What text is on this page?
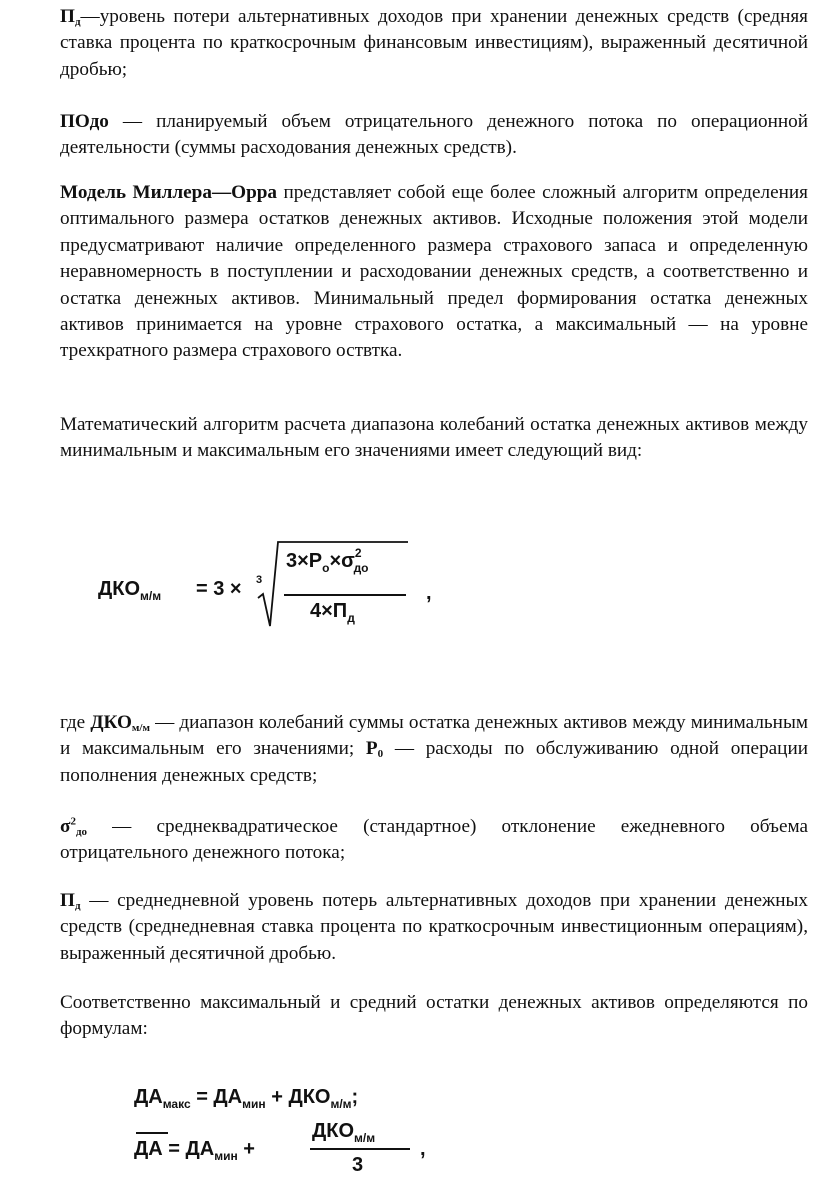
$П_д—уровень$ потери альтернативных доходов при хранении денежных средств (средняя ставка процента по краткосрочным финансовым инвестициям), выраженный десятичной дробью;

ПОдо — планируемый объем отрицательного денежного потока по операционной деятельности (суммы расходования денежных средств).

Модель Миллера—Орра представляет собой еще более сложный алгоритм определения оптимального размера остатков денежных активов. Исходные положения этой модели предусматривают наличие определенного размера страхового запаса и определенную неравномерность в поступлении и расходовании денежных средств, а соответственно и остатка денежных активов. Минимальный предел формирования остатка денежных активов принимается на уровне страхового остатка, а максимальный — на уровне трехкратного размера страхового оствтка.

Математический алгоритм расчета диапазона колебаний остатка денежных активов между минимальным и максимальным его значениями имеет следующий вид:

где $ДКО_{м/м}$ — диапазон колебаний суммы остатка денежных активов между минимальным и максимальным его значениями; $Р_0$ — расходы по обслуживанию одной операции пополнения денежных средств;

$\sigma^2_{до}$ — среднеквадратическое (стандартное) отклонение ежедневного объема отрицательного денежного потока;

$П_д$ — среднедневной уровень потерь альтернативных доходов при хранении денежных средств (среднедневная ставка процента по краткосрочным инвестиционным операциям), выраженный десятичной дробью.

Соответственно максимальный и средний остатки денежных активов определяются по формулам:

$ДКО_{м/м} = 3 \times 3$
$3\times P_o\times\sigma^2_{до}$
$4\times П_д$
,
$ДА_{макс} = ДА_{мин} + ДКО_{м/м}$;
ДА = $ДА_{мин}$ +
$ДКО_{м/м}$
3
,
